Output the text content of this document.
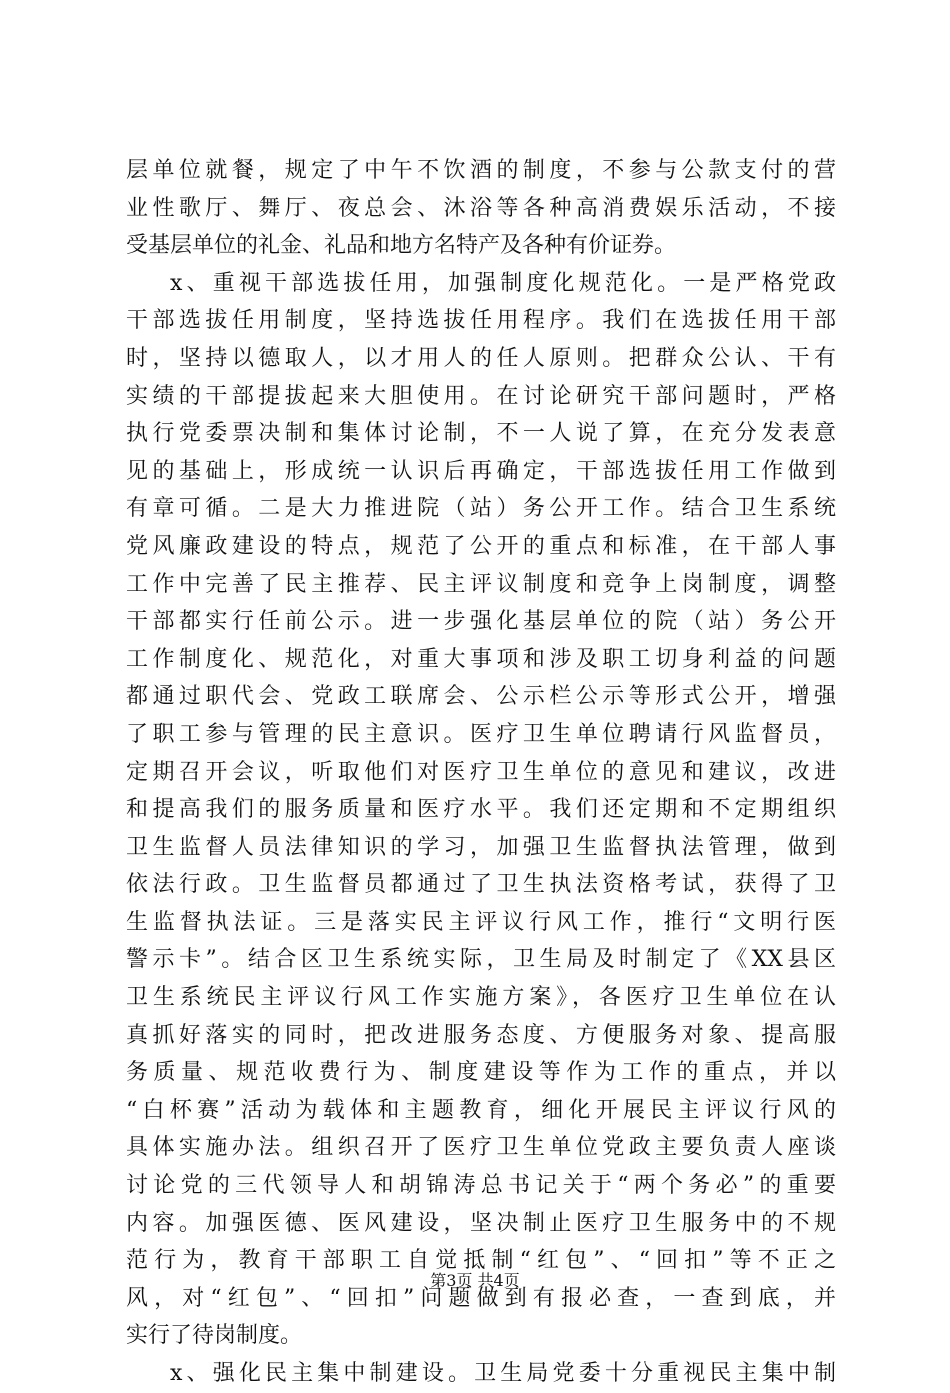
层单位就餐，规定了中午不饮酒的制度，不参与公款支付的营
业性歌厅、舞厅、夜总会、沐浴等各种高消费娱乐活动，不接
受基层单位的礼金、礼品和地方名特产及各种有价证券。
x、重视干部选拔任用，加强制度化规范化。一是严格党政
干部选拔任用制度，坚持选拔任用程序。我们在选拔任用干部
时，坚持以德取人，以才用人的任人原则。把群众公认、干有
实绩的干部提拔起来大胆使用。在讨论研究干部问题时，严格
执行党委票决制和集体讨论制，不一人说了算，在充分发表意
见的基础上，形成统一认识后再确定，干部选拔任用工作做到
有章可循。二是大力推进院（站）务公开工作。结合卫生系统
党风廉政建设的特点，规范了公开的重点和标准，在干部人事
工作中完善了民主推荐、民主评议制度和竞争上岗制度，调整
干部都实行任前公示。进一步强化基层单位的院（站）务公开
工作制度化、规范化，对重大事项和涉及职工切身利益的问题
都通过职代会、党政工联席会、公示栏公示等形式公开，增强
了职工参与管理的民主意识。医疗卫生单位聘请行风监督员，
定期召开会议，听取他们对医疗卫生单位的意见和建议，改进
和提高我们的服务质量和医疗水平。我们还定期和不定期组织
卫生监督人员法律知识的学习，加强卫生监督执法管理，做到
依法行政。卫生监督员都通过了卫生执法资格考试，获得了卫
生监督执法证。三是落实民主评议行风工作，推行“文明行医
警示卡”。结合区卫生系统实际，卫生局及时制定了《XX县区
卫生系统民主评议行风工作实施方案》，各医疗卫生单位在认
真抓好落实的同时，把改进服务态度、方便服务对象、提高服
务质量、规范收费行为、制度建设等作为工作的重点，并以
“白杯赛”活动为载体和主题教育，细化开展民主评议行风的
具体实施办法。组织召开了医疗卫生单位党政主要负责人座谈
讨论党的三代领导人和胡锦涛总书记关于“两个务必”的重要
内容。加强医德、医风建设，坚决制止医疗卫生服务中的不规
范行为，教育干部职工自觉抵制“红包”、“回扣”等不正之
风，对“红包”、“回扣”问题做到有报必查，一查到底，并
实行了待岗制度。
x、强化民主集中制建设。卫生局党委十分重视民主集中制
第3页 共4页
